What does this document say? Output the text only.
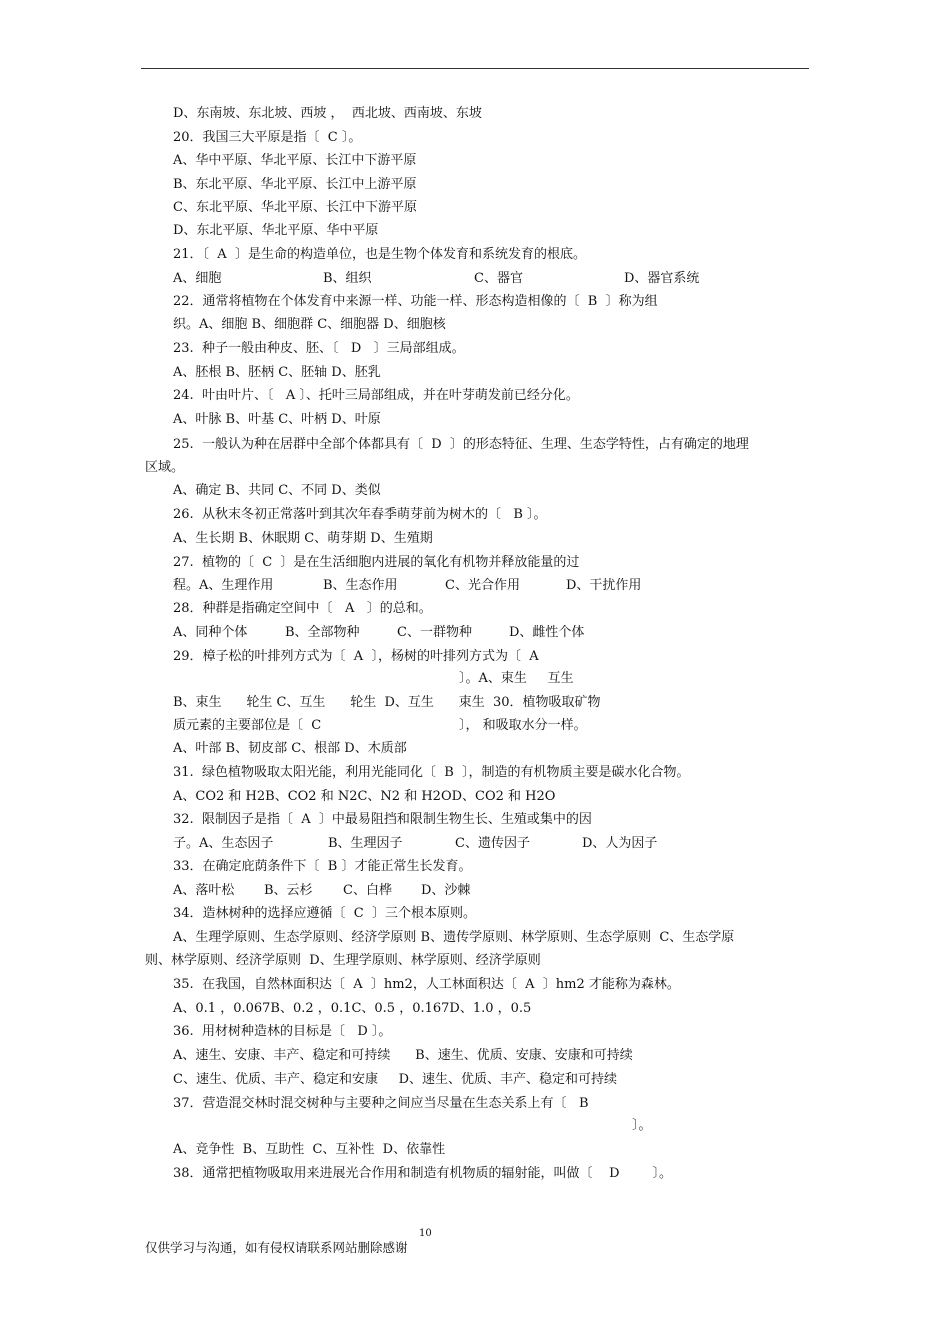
D、东南坡、东北坡、西坡 ，  西北坡、西南坡、东坡
20．我国三大平原是指〔  C 〕。
A、华中平原、华北平原、长江中下游平原
B、东北平原、华北平原、长江中上游平原
C、东北平原、华北平原、长江中下游平原
D、东北平原、华北平原、华中平原
21．〔  A  〕是生命的构造单位，也是生物个体发育和系统发育的根底。
A、细胞	B、组织	C、器官	D、器官系统
22．通常将植物在个体发育中来源一样、功能一样、形态构造相像的〔  B  〕称为组
织。A、细胞 B、细胞群 C、细胞器 D、细胞核
23.  种子一般由种皮、胚、〔   D   〕三局部组成。
A、胚根 B、胚柄 C、胚轴 D、胚乳
24.  叶由叶片、〔   A 〕、托叶三局部组成，并在叶芽萌发前已经分化。
A、叶脉 B、叶基 C、叶柄 D、叶原
25.  一般认为种在居群中全部个体都具有〔  D  〕的形态特征、生理、生态学特性，占有确定的地理
区域。
A、确定 B、共同 C、不同 D、类似
26.  从秋末冬初正常落叶到其次年春季萌芽前为树木的〔   B 〕。
A、生长期 B、休眠期 C、萌芽期 D、生殖期
27.  植物的〔  C  〕是在生活细胞内进展的氧化有机物并释放能量的过
程。A、生理作用	B、生态作用	C、光合作用	D、干扰作用
28．种群是指确定空间中〔   A   〕的总和。
A、同种个体	B、全部物种	C、一群物种	D、雌性个体
29．樟子松的叶排列方式为〔  A  〕，杨树的叶排列方式为〔  A
〕。A、束生     互生
B、束生      轮生 C、互生      轮生  D、互生      束生  30．植物吸取矿物
质元素的主要部位是〔  C	〕， 和吸取水分一样。
A、叶部 B、韧皮部 C、根部 D、木质部
31.  绿色植物吸取太阳光能，利用光能同化〔  B  〕，制造的有机物质主要是碳水化合物。
A、CO2 和 H2B、CO2 和 N2C、N2 和 H2OD、CO2 和 H2O
32.  限制因子是指〔  A  〕中最易阻挡和限制生物生长、生殖或集中的因
子。A、生态因子	B、生理因子	C、遗传因子	D、人为因子
33．在确定庇荫条件下〔  B 〕才能正常生长发育。
A、落叶松 B、云杉 C、白桦 D、沙棘
34．造林树种的选择应遵循〔  C  〕三个根本原则。
A、生理学原则、生态学原则、经济学原则 B、遗传学原则、林学原则、生态学原则  C、生态学原
则、林学原则、经济学原则  D、生理学原则、林学原则、经济学原则
35.  在我国，自然林面积达〔  A  〕hm2，人工林面积达〔  A  〕hm2 才能称为森林。
A、0.1 ，0.067B、0.2 ，0.1C、0.5 ，0.167D、1.0 ，0.5
36.  用材树种造林的目标是〔   D 〕。
A、速生、安康、丰产、稳定和可持续      B、速生、优质、安康、安康和可持续
C、速生、优质、丰产、稳定和安康     D、速生、优质、丰产、稳定和可持续
37．营造混交林时混交树种与主要种之间应当尽量在生态关系上有〔   B
〕。
A、竞争性  B、互助性  C、互补性  D、依靠性
38．通常把植物吸取用来进展光合作用和制造有机物质的辐射能，叫做〔    D        〕。
10
仅供学习与沟通，如有侵权请联系网站删除感谢
